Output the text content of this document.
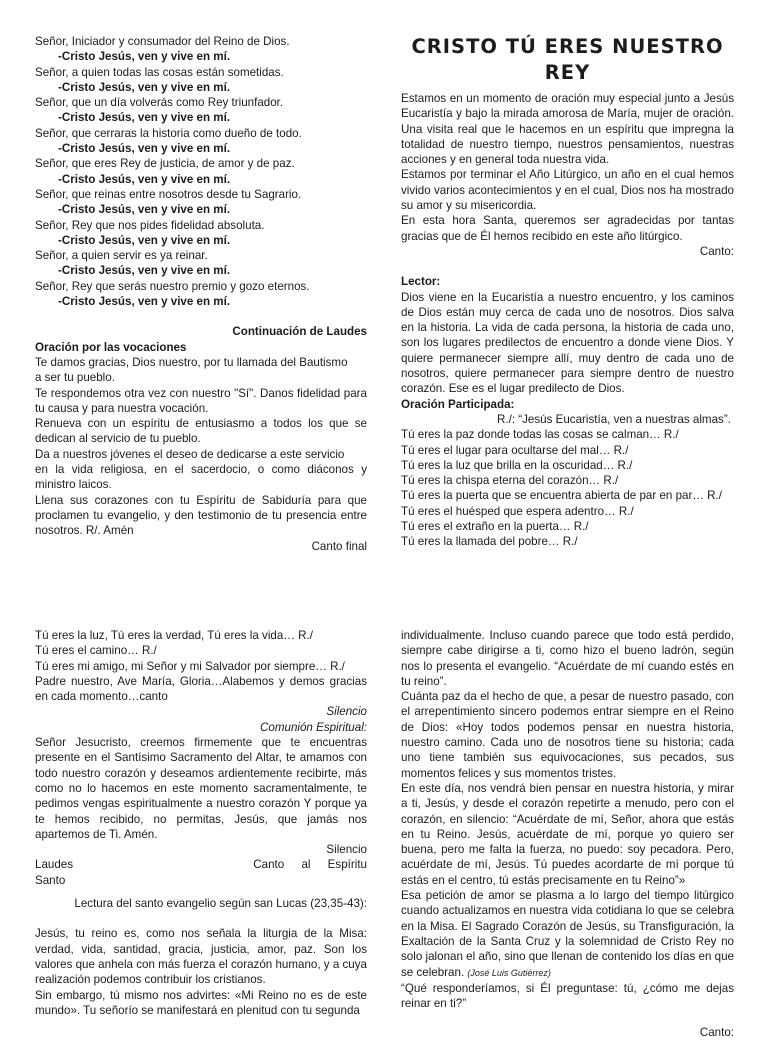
Señor, Iniciador y consumador del Reino de Dios.

-Cristo Jesús, ven y vive en mí.

Señor, a quien todas las cosas están sometidas.

-Cristo Jesús, ven y vive en mí.

Señor, que un día volverás como Rey triunfador.

-Cristo Jesús, ven y vive en mí.

Señor, que cerraras la historia como dueño de todo.

-Cristo Jesús, ven y vive en mí.

Señor, que eres Rey de justicia, de amor y de paz.

-Cristo Jesús, ven y vive en mí.

Señor, que reinas entre nosotros desde tu Sagrario.

-Cristo Jesús, ven y vive en mí.

Señor, Rey que nos pides fidelidad absoluta.

-Cristo Jesús, ven y vive en mí.

Señor, a quien servir es ya reinar.

-Cristo Jesús, ven y vive en mí.

Señor, Rey que serás nuestro premio y gozo eternos.

-Cristo Jesús, ven y vive en mí.

Continuación de Laudes

Oración por las vocaciones

Te damos gracias, Dios nuestro, por tu llamada del Bautismo

a ser tu pueblo.

Te respondemos otra vez con nuestro "Sí". Danos fidelidad para tu causa y para nuestra vocación.

Renueva con un espíritu de entusiasmo a todos los que se dedican al servicio de tu pueblo.

Da a nuestros jóvenes el deseo de dedicarse a este servicio

en la vida religiosa, en el sacerdocio, o como diáconos y ministro laicos.

Llena sus corazones con tu Espíritu de Sabiduría para que proclamen tu evangelio, y den testimonio de tu presencia entre nosotros. R/. Amén

Canto final

CRISTO TÚ ERES NUESTRO REY

Estamos en un momento de oración muy especial junto a Jesús Eucaristía y bajo la mirada amorosa de María, mujer de oración. Una visita real que le hacemos en un espíritu que impregna la totalidad de nuestro tiempo, nuestros pensamientos, nuestras acciones y en general toda nuestra vida.

Estamos por terminar el Año Litúrgico, un año en el cual hemos vivido varios acontecimientos y en el cual, Dios nos ha mostrado su amor y su misericordia.

En esta hora Santa, queremos ser agradecidas por tantas gracias que de Él hemos recibido en este año litúrgico.

Canto:

Lector:

Dios viene en la Eucaristía a nuestro encuentro, y los caminos de Dios están muy cerca de cada uno de nosotros. Dios salva en la historia. La vida de cada persona, la historia de cada uno, son los lugares predilectos de encuentro a donde viene Dios. Y quiere permanecer siempre allí, muy dentro de cada uno de nosotros, quiere permanecer para siempre dentro de nuestro corazón. Ese es el lugar predilecto de Dios.

Oración Participada:

R./: “Jesús Eucaristía, ven a nuestras almas”.

Tú eres la paz donde todas las cosas se calman… R./

Tú eres el lugar para ocultarse del mal… R./

Tú eres la luz que brilla en la oscuridad… R./

Tú eres la chispa eterna del corazón… R./

Tú eres la puerta que se encuentra abierta de par en par… R./

Tú eres el huésped que espera adentro… R./

Tú eres el extraño en la puerta… R./

Tú eres la llamada del pobre… R./

Tú eres la luz, Tú eres la verdad, Tú eres la vida… R./

Tú eres el camino… R./

Tú eres mi amigo, mi Señor y mi Salvador por siempre… R./

Padre nuestro, Ave María, Gloria…Alabemos y demos gracias en cada momento…canto

Silencio

Comunión Espiritual:

Señor Jesucristo, creemos firmemente que te encuentras presente en el Santísimo Sacramento del Altar, te amamos con todo nuestro corazón y deseamos ardientemente recibirte, más como no lo hacemos en este momento sacramentalmente, te pedimos vengas espiritualmente a nuestro corazón Y porque ya te hemos recibido, no permitas, Jesús, que jamás nos apartemos de Ti. Amén.

Silencio

Laudes	Canto al Espíritu

Santo

Lectura del santo evangelio según san Lucas (23,35-43):

Jesús, tu reino es, como nos señala la liturgia de la Misa: verdad, vida, santidad, gracia, justicia, amor, paz. Son los valores que anhela con más fuerza el corazón humano, y a cuya realización podemos contribuir los cristianos.

Sin embargo, tú mismo nos advirtes: «Mi Reino no es de este mundo». Tu señorío se manifestará en plenitud con tu segunda

individualmente. Incluso cuando parece que todo está perdido, siempre cabe dirigirse a ti, como hizo el bueno ladrón, según nos lo presenta el evangelio. “Acuérdate de mí cuando estés en tu reino”.

Cuánta paz da el hecho de que, a pesar de nuestro pasado, con el arrepentimiento sincero podemos entrar siempre en el Reino de Dios: «Hoy todos podemos pensar en nuestra historia, nuestro camino. Cada uno de nosotros tiene su historia; cada uno tiene también sus equivocaciones, sus pecados, sus momentos felices y sus momentos tristes.

En este día, nos vendrá bien pensar en nuestra historia, y mirar a ti, Jesús, y desde el corazón repetirte a menudo, pero con el corazón, en silencio: “Acuérdate de mí, Señor, ahora que estás en tu Reino. Jesús, acuérdate de mí, porque yo quiero ser buena, pero me falta la fuerza, no puedo: soy pecadora. Pero, acuérdate de mí, Jesús. Tú puedes acordarte de mí porque tú estás en el centro, tú estás precisamente en tu Reino”»

Esa petición de amor se plasma a lo largo del tiempo litúrgico cuando actualizamos en nuestra vida cotidiana lo que se celebra en la Misa. El Sagrado Corazón de Jesús, su Transfiguración, la Exaltación de la Santa Cruz y la solemnidad de Cristo Rey no solo jalonan el año, sino que llenan de contenido los días en que se celebran. (José Luis Gutiérrez)

“Qué responderíamos, si Él preguntase: tú, ¿cómo me dejas reinar en ti?”

Canto:
